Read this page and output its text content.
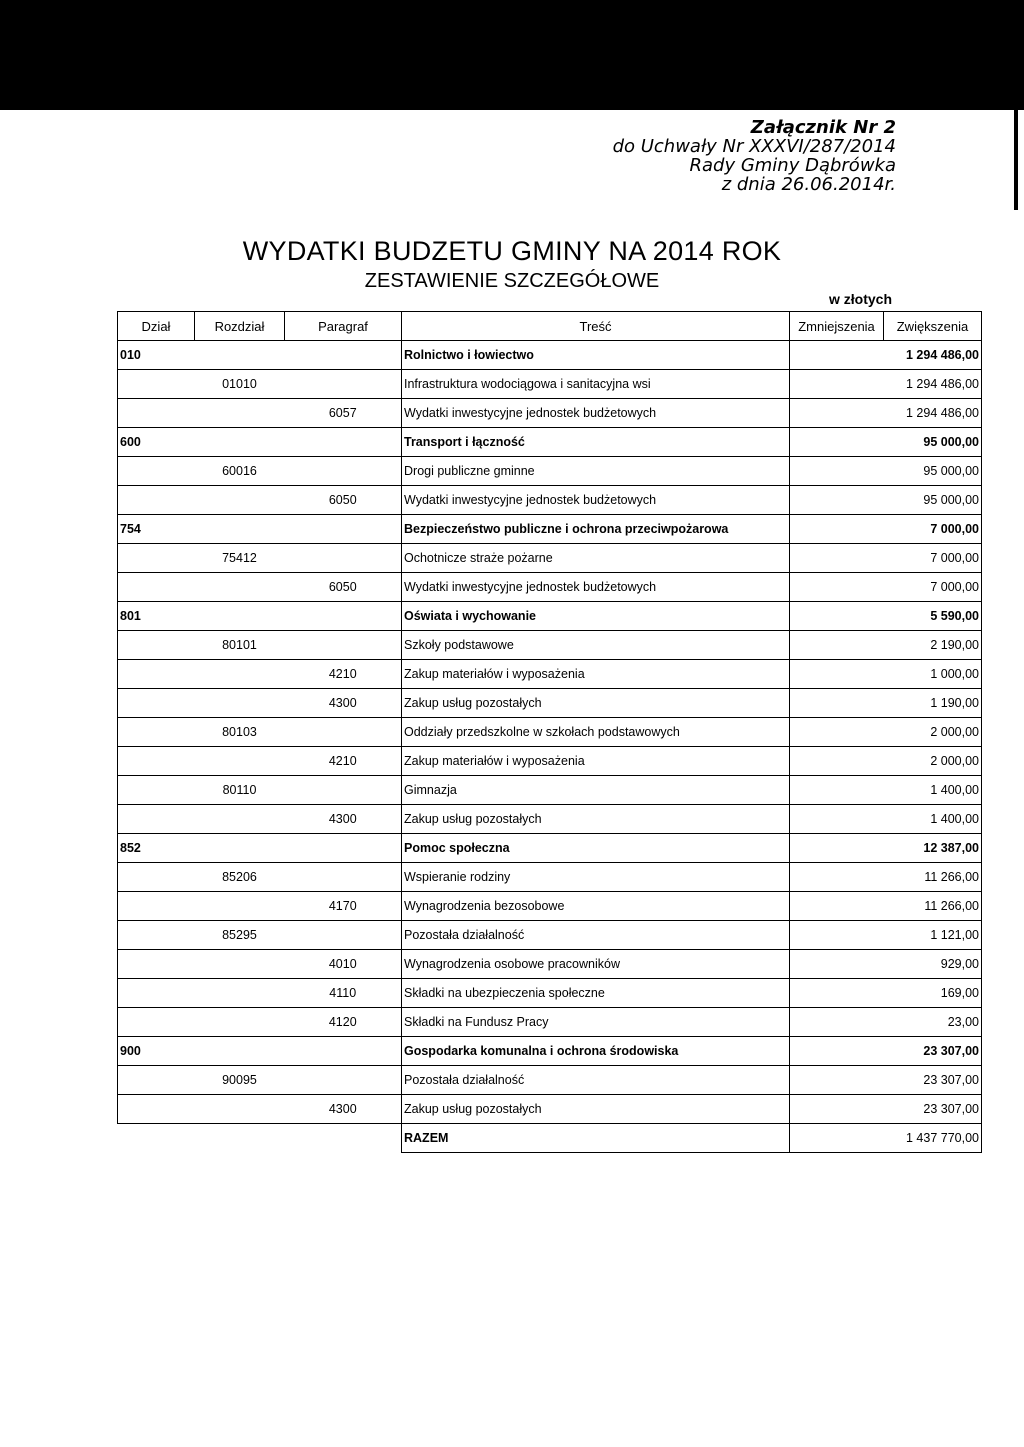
Załącznik Nr 2
do Uchwały Nr XXXVI/287/2014
Rady Gminy Dąbrówka
z dnia 26.06.2014r.
WYDATKI BUDZETU GMINY NA 2014 ROK
ZESTAWIENIE SZCZEGÓŁOWE
w złotych
Dział	Rozdział	Paragraf	Treść	Zmniejszenia	Zwiększenia
010			Rolnictwo i łowiectwo		1 294 486,00
	01010		Infrastruktura wodociągowa i sanitacyjna wsi		1 294 486,00
		6057	Wydatki inwestycyjne jednostek budżetowych		1 294 486,00
600			Transport i łączność		95 000,00
	60016		Drogi publiczne gminne		95 000,00
		6050	Wydatki inwestycyjne jednostek budżetowych		95 000,00
754			Bezpieczeństwo publiczne i ochrona przeciwpożarowa		7 000,00
	75412		Ochotnicze straże pożarne		7 000,00
		6050	Wydatki inwestycyjne jednostek budżetowych		7 000,00
801			Oświata i wychowanie		5 590,00
	80101		Szkoły podstawowe		2 190,00
		4210	Zakup materiałów i wyposażenia		1 000,00
		4300	Zakup usług pozostałych		1 190,00
	80103		Oddziały przedszkolne w szkołach podstawowych		2 000,00
		4210	Zakup materiałów i wyposażenia		2 000,00
	80110		Gimnazja		1 400,00
		4300	Zakup usług pozostałych		1 400,00
852			Pomoc społeczna		12 387,00
	85206		Wspieranie rodziny		11 266,00
		4170	Wynagrodzenia bezosobowe		11 266,00
	85295		Pozostała działalność		1 121,00
		4010	Wynagrodzenia osobowe pracowników		929,00
		4110	Składki na ubezpieczenia społeczne		169,00
		4120	Składki na Fundusz Pracy		23,00
900			Gospodarka komunalna i ochrona środowiska		23 307,00
	90095		Pozostała działalność		23 307,00
		4300	Zakup usług pozostałych		23 307,00
			RAZEM		1 437 770,00
